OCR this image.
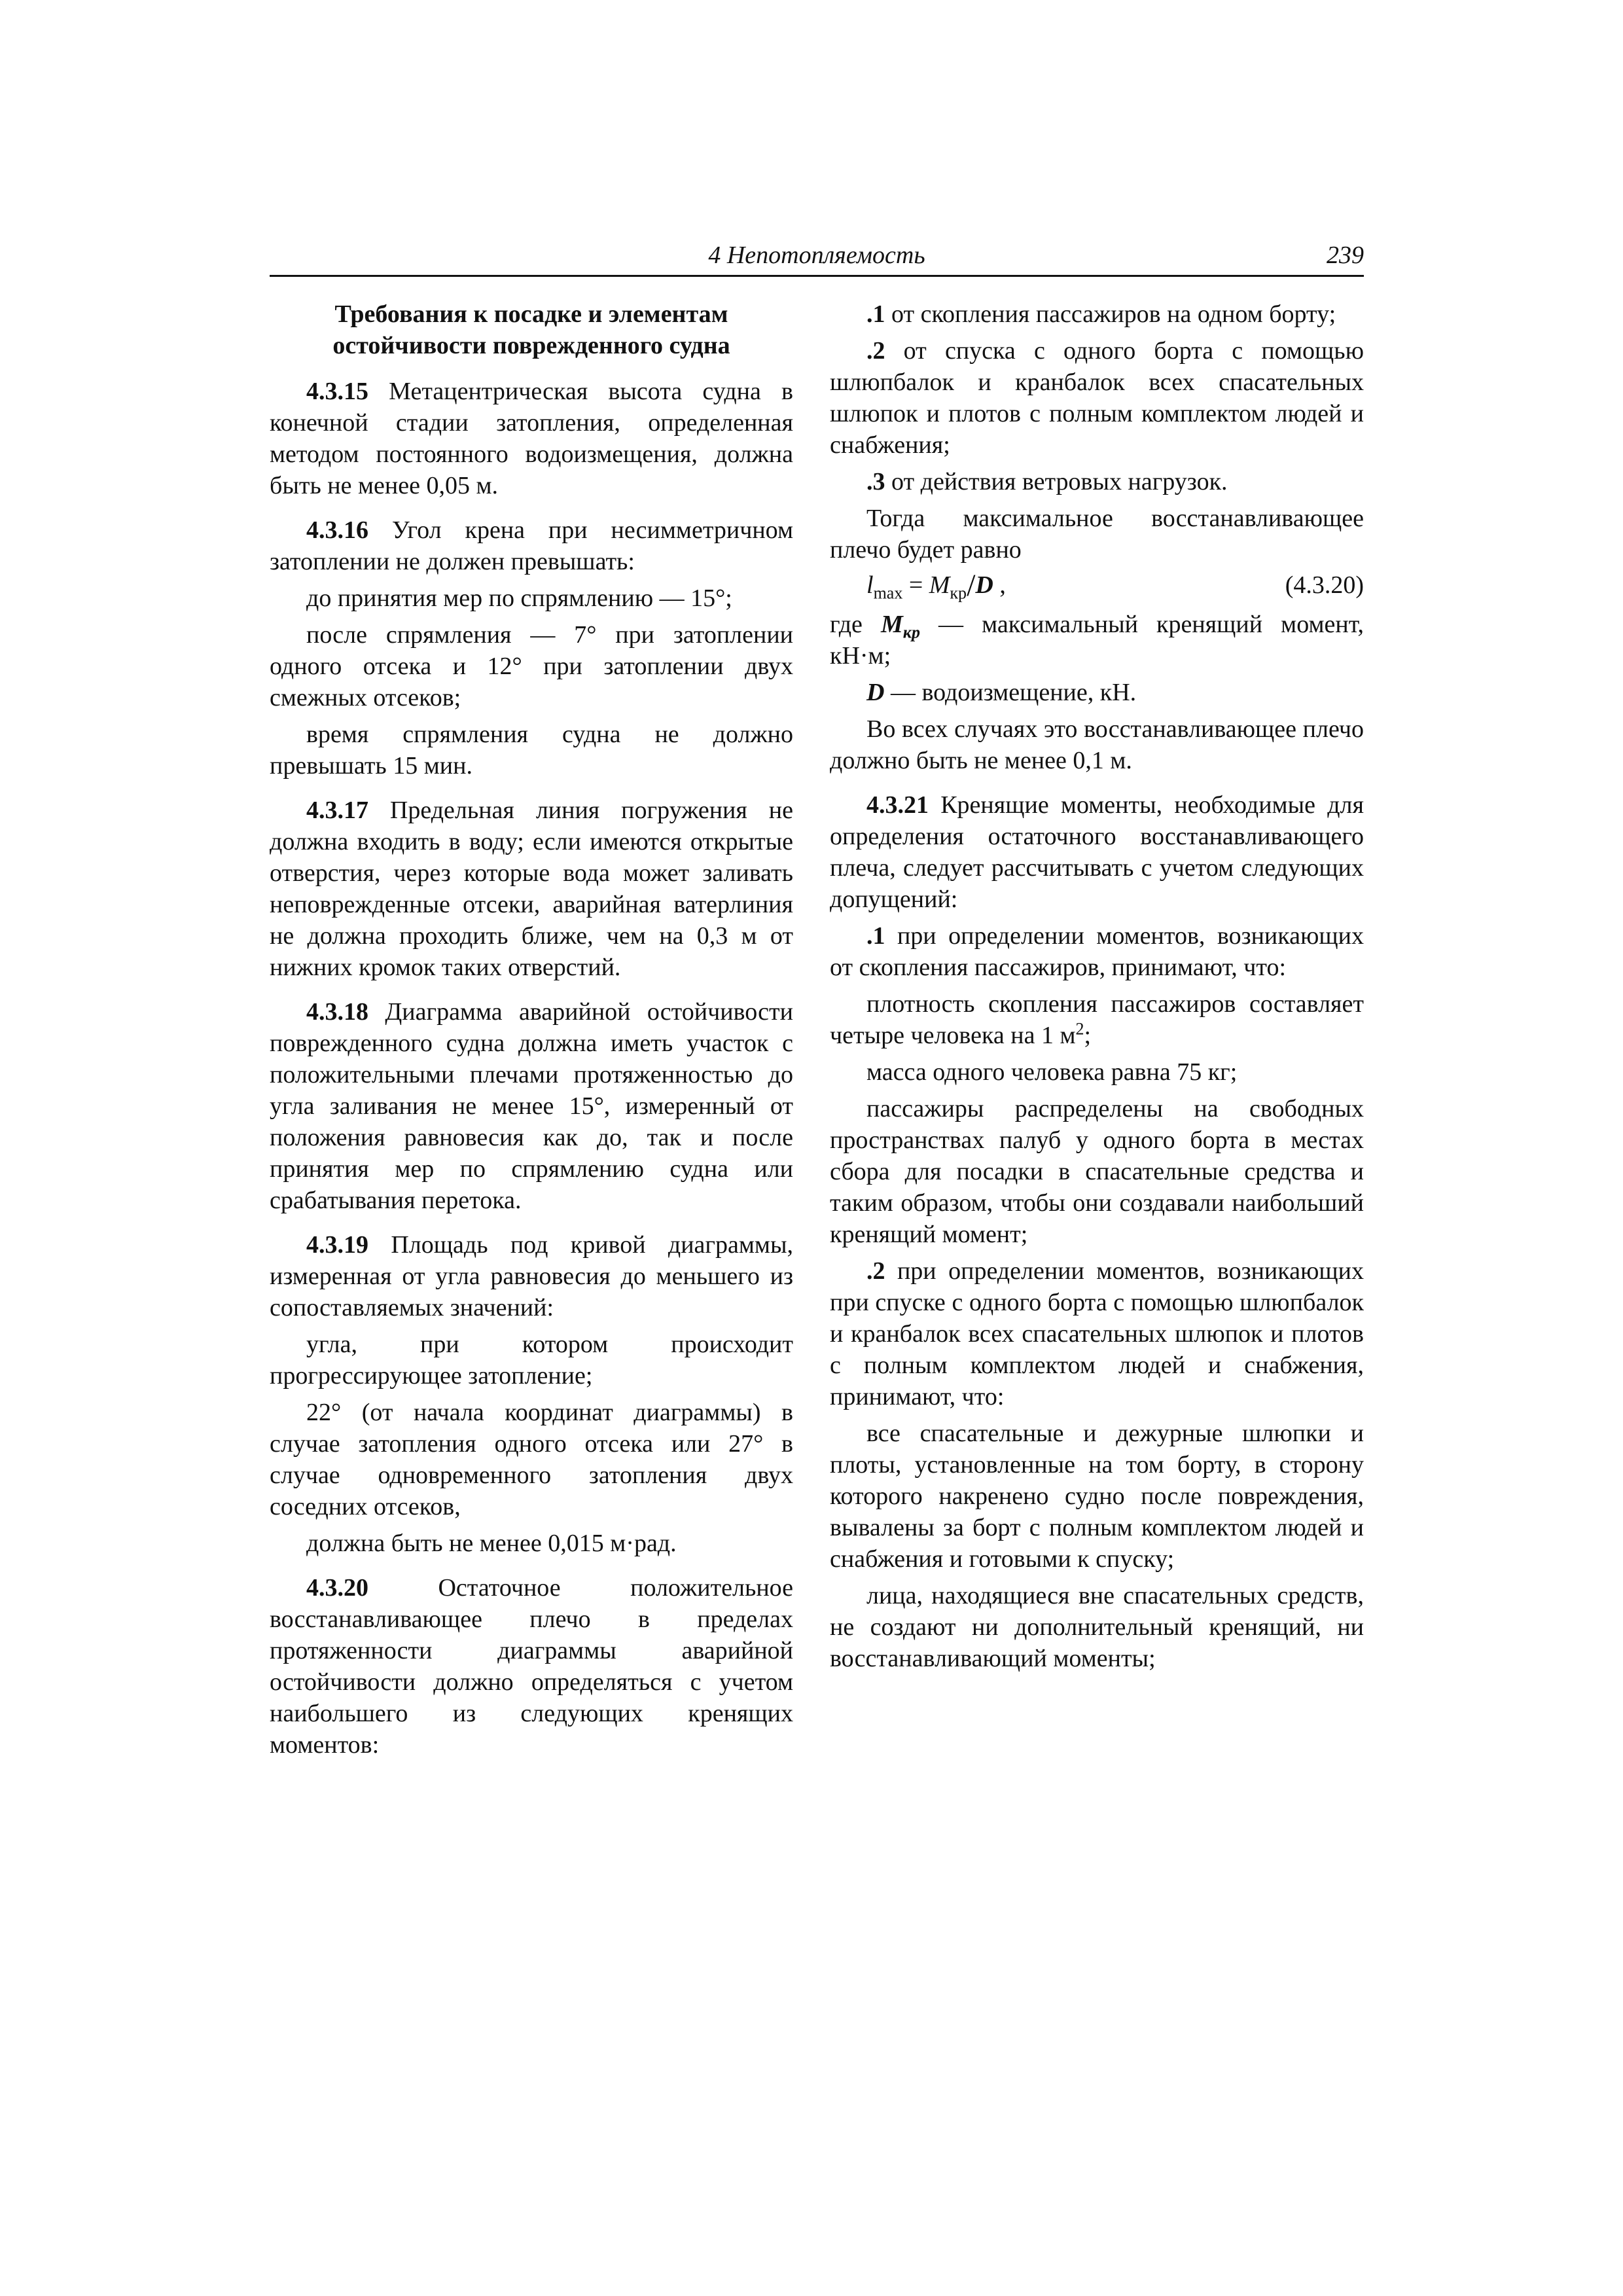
4 Непотопляемость	239
Требования к посадке и элементам
остойчивости поврежденного судна

4.3.15 Метацентрическая высота судна в конечной стадии затопления, определенная методом постоянного водоизмещения, должна быть не менее 0,05 м.

4.3.16 Угол крена при несимметричном затоплении не должен превышать:

до принятия мер по спрямлению — 15°;

после спрямления — 7° при затоплении одного отсека и 12° при затоплении двух смежных отсеков;

время спрямления судна не должно превышать 15 мин.

4.3.17 Предельная линия погружения не должна входить в воду; если имеются открытые отверстия, через которые вода может заливать неповрежденные отсеки, аварийная ватерлиния не должна проходить ближе, чем на 0,3 м от нижних кромок таких отверстий.

4.3.18 Диаграмма аварийной остойчивости поврежденного судна должна иметь участок с положительными плечами протяженностью до угла заливания не менее 15°, измеренный от положения равновесия как до, так и после принятия мер по спрямлению судна или срабатывания перетока.

4.3.19 Площадь под кривой диаграммы, измеренная от угла равновесия до меньшего из сопоставляемых значений:

угла, при котором происходит прогрессирующее затопление;

22° (от начала координат диаграммы) в случае затопления одного отсека или 27° в случае одновременного затопления двух соседних отсеков,

должна быть не менее 0,015 м·рад.

4.3.20 Остаточное положительное восстанавливающее плечо в пределах протяженности диаграммы аварийной остойчивости должно определяться с учетом наибольшего из следующих кренящих моментов:

.1 от скопления пассажиров на одном борту;

.2 от спуска с одного борта с помощью шлюпбалок и кранбалок всех спасательных шлюпок и плотов с полным комплектом людей и снабжения;

.3 от действия ветровых нагрузок.

Тогда максимальное восстанавливающее плечо будет равно

$l_{max} = M_{кр}/D$ ,	(4.3.20)

где $M_{кр}$ — максимальный кренящий момент, кН·м;

D — водоизмещение, кН.

Во всех случаях это восстанавливающее плечо должно быть не менее 0,1 м.

4.3.21 Кренящие моменты, необходимые для определения остаточного восстанавливающего плеча, следует рассчитывать с учетом следующих допущений:

.1 при определении моментов, возникающих от скопления пассажиров, принимают, что:

плотность скопления пассажиров составляет четыре человека на 1 $м^2$;

масса одного человека равна 75 кг;

пассажиры распределены на свободных пространствах палуб у одного борта в местах сбора для посадки в спасательные средства и таким образом, чтобы они создавали наибольший кренящий момент;

.2 при определении моментов, возникающих при спуске с одного борта с помощью шлюпбалок и кранбалок всех спасательных шлюпок и плотов с полным комплектом людей и снабжения, принимают, что:

все спасательные и дежурные шлюпки и плоты, установленные на том борту, в сторону которого накренено судно после повреждения, вывалены за борт с полным комплектом людей и снабжения и готовыми к спуску;

лица, находящиеся вне спасательных средств, не создают ни дополнительный кренящий, ни восстанавливающий моменты;
